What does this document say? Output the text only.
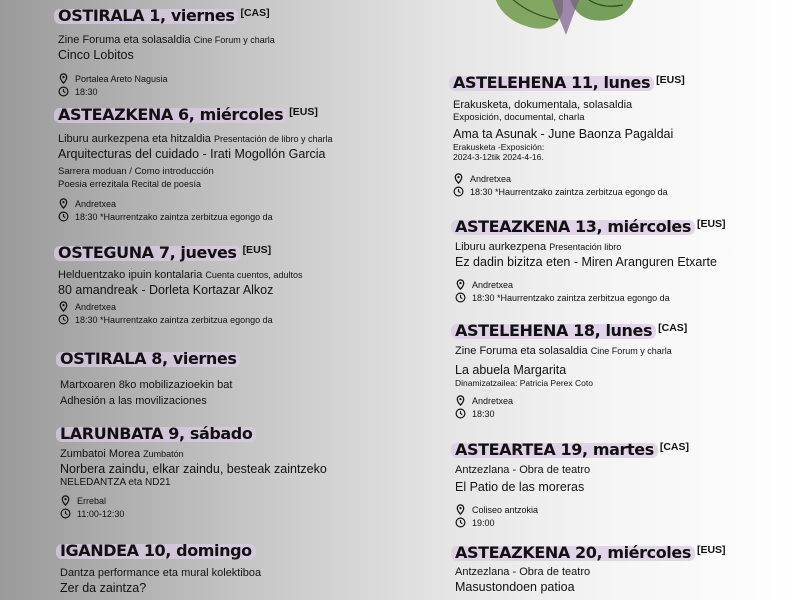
OSTIRALA 1, viernes [CAS]
Zine Foruma eta solasaldia Cine Forum y charla
Cinco Lobitos
Portalea Areto Nagusia
18:30
ASTEAZKENA 6, miércoles [EUS]
Liburu aurkezpena eta hitzaldia Presentación de libro y charla
Arquitecturas del cuidado - Irati Mogollón Garcia
Sarrera moduan / Como introducción
Poesia errezitala Recital de poesía
Andretxea
18:30 *Haurrentzako zaintza zerbitzua egongo da
OSTEGUNA 7, jueves [EUS]
Helduentzako ipuin kontalaria Cuenta cuentos, adultos
80 amandreak - Dorleta Kortazar Alkoz
Andretxea
18:30 *Haurrentzako zaintza zerbitzua egongo da
OSTIRALA 8, viernes
Martxoaren 8ko mobilizazioekin bat
Adhesión a las movilizaciones
LARUNBATA 9, sábado
Zumbatoi Morea Zumbatón
Norbera zaindu, elkar zaindu, besteak zaintzeko
NELEDANTZA eta ND21
Errebal
11:00-12:30
IGANDEA 10, domingo
Dantza performance eta mural kolektiboa
Zer da zaintza?
ASTELEHENA 11, lunes [EUS]
Erakusketa, dokumentala, solasaldia
Exposición, documental, charla
Ama ta Asunak - June Baonza Pagaldai
Erakusketa -Exposición:
2024-3-12tik 2024-4-16.
Andretxea
18:30 *Haurrentzako zaintza zerbitzua egongo da
ASTEAZKENA 13, miércoles [EUS]
Liburu aurkezpena Presentación libro
Ez dadin bizitza eten - Miren Aranguren Etxarte
Andretxea
18:30 *Haurrentzako zaintza zerbitzua egongo da
ASTELEHENA 18, lunes [CAS]
Zine Foruma eta solasaldia Cine Forum y charla
La abuela Margarita
Dinamizatzailea: Patricia Perex Coto
Andretxea
18:30
ASTEARTEA 19, martes [CAS]
Antzezlana - Obra de teatro
El Patio de las moreras
Coliseo antzokia
19:00
ASTEAZKENA 20, miércoles [EUS]
Antzezlana - Obra de teatro
Masustondoen patioa
